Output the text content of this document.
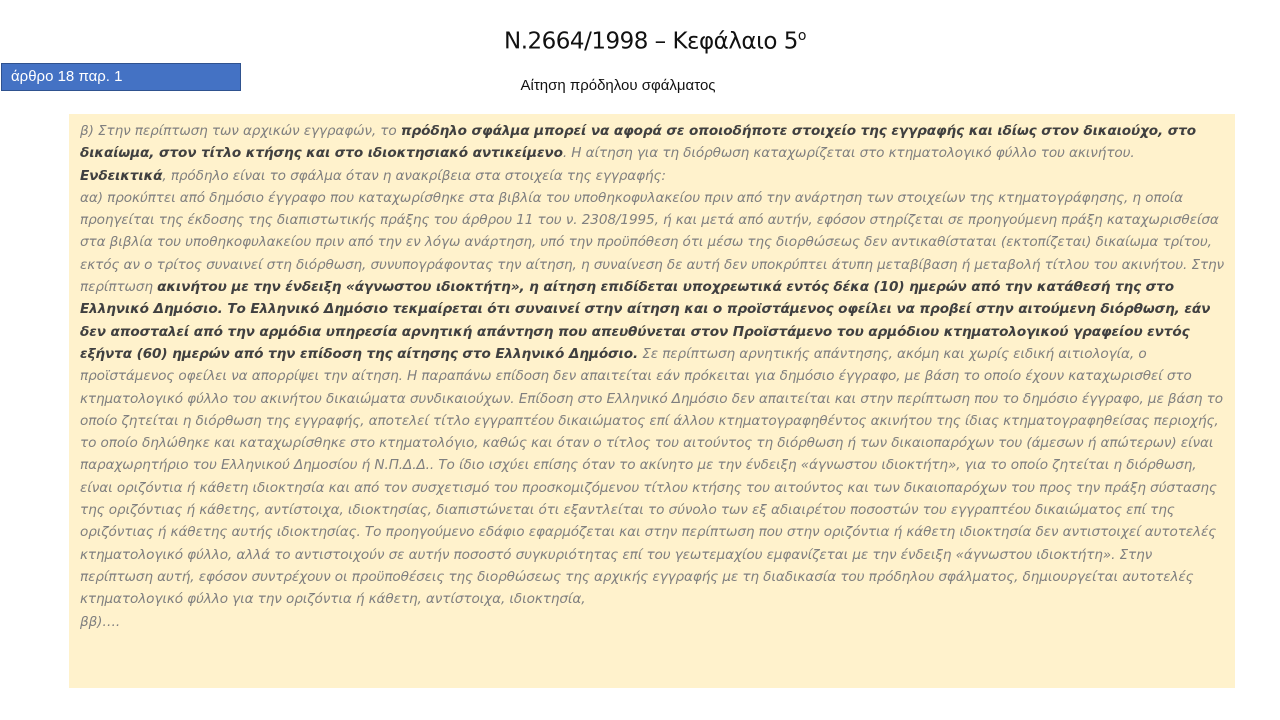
Ν.2664/1998 – Κεφάλαιο $5^o$
άρθρο 18 παρ. 1
Αίτηση πρόδηλου σφάλματος

β) Στην περίπτωση των αρχικών εγγραφών, το πρόδηλο σφάλμα μπορεί να αφορά σε οποιοδήποτε στοιχείο της εγγραφής και ιδίως στον δικαιούχο, στο δικαίωμα, στον τίτλο κτήσης και στο ιδιοκτησιακό αντικείμενο. Η αίτηση για τη διόρθωση καταχωρίζεται στο κτηματολογικό φύλλο του ακινήτου.

Ενδεικτικά, πρόδηλο είναι το σφάλμα όταν η ανακρίβεια στα στοιχεία της εγγραφής:

αα) προκύπτει από δημόσιο έγγραφο που καταχωρίσθηκε στα βιβλία του υποθηκοφυλακείου πριν από την ανάρτηση των στοιχείων της κτηματογράφησης, η οποία προηγείται της έκδοσης της διαπιστωτικής πράξης του άρθρου 11 του ν. 2308/1995, ή και μετά από αυτήν, εφόσον στηρίζεται σε προηγούμενη πράξη καταχωρισθείσα στα βιβλία του υποθηκοφυλακείου πριν από την εν λόγω ανάρτηση, υπό την προϋπόθεση ότι μέσω της διορθώσεως δεν αντικαθίσταται (εκτοπίζεται) δικαίωμα τρίτου, εκτός αν ο τρίτος συναινεί στη διόρθωση, συνυπογράφοντας την αίτηση, η συναίνεση δε αυτή δεν υποκρύπτει άτυπη μεταβίβαση ή μεταβολή τίτλου του ακινήτου. Στην περίπτωση ακινήτου με την ένδειξη «άγνωστου ιδιοκτήτη», η αίτηση επιδίδεται υποχρεωτικά εντός δέκα (10) ημερών από την κατάθεσή της στο Ελληνικό Δημόσιο. Το Ελληνικό Δημόσιο τεκμαίρεται ότι συναινεί στην αίτηση και ο προϊστάμενος οφείλει να προβεί στην αιτούμενη διόρθωση, εάν δεν αποσταλεί από την αρμόδια υπηρεσία αρνητική απάντηση που απευθύνεται στον Προϊστάμενο του αρμόδιου κτηματολογικού γραφείου εντός εξήντα (60) ημερών από την επίδοση της αίτησης στο Ελληνικό Δημόσιο. Σε περίπτωση αρνητικής απάντησης, ακόμη και χωρίς ειδική αιτιολογία, ο προϊστάμενος οφείλει να απορρίψει την αίτηση. Η παραπάνω επίδοση δεν απαιτείται εάν πρόκειται για δημόσιο έγγραφο, με βάση το οποίο έχουν καταχωρισθεί στο κτηματολογικό φύλλο του ακινήτου δικαιώματα συνδικαιούχων. Επίδοση στο Ελληνικό Δημόσιο δεν απαιτείται και στην περίπτωση που το δημόσιο έγγραφο, με βάση το οποίο ζητείται η διόρθωση της εγγραφής, αποτελεί τίτλο εγγραπτέου δικαιώματος επί άλλου κτηματογραφηθέντος ακινήτου της ίδιας κτηματογραφηθείσας περιοχής, το οποίο δηλώθηκε και καταχωρίσθηκε στο κτηματολόγιο, καθώς και όταν ο τίτλος του αιτούντος τη διόρθωση ή των δικαιοπαρόχων του (άμεσων ή απώτερων) είναι παραχωρητήριο του Ελληνικού Δημοσίου ή Ν.Π.Δ.Δ.. Το ίδιο ισχύει επίσης όταν το ακίνητο με την ένδειξη «άγνωστου ιδιοκτήτη», για το οποίο ζητείται η διόρθωση, είναι οριζόντια ή κάθετη ιδιοκτησία και από τον συσχετισμό του προσκομιζόμενου τίτλου κτήσης του αιτούντος και των δικαιοπαρόχων του προς την πράξη σύστασης της οριζόντιας ή κάθετης, αντίστοιχα, ιδιοκτησίας, διαπιστώνεται ότι εξαντλείται το σύνολο των εξ αδιαιρέτου ποσοστών του εγγραπτέου δικαιώματος επί της οριζόντιας ή κάθετης αυτής ιδιοκτησίας. Το προηγούμενο εδάφιο εφαρμόζεται και στην περίπτωση που στην οριζόντια ή κάθετη ιδιοκτησία δεν αντιστοιχεί αυτοτελές κτηματολογικό φύλλο, αλλά το αντιστοιχούν σε αυτήν ποσοστό συγκυριότητας επί του γεωτεμαχίου εμφανίζεται με την ένδειξη «άγνωστου ιδιοκτήτη». Στην περίπτωση αυτή, εφόσον συντρέχουν οι προϋποθέσεις της διορθώσεως της αρχικής εγγραφής με τη διαδικασία του πρόδηλου σφάλματος, δημιουργείται αυτοτελές κτηματολογικό φύλλο για την οριζόντια ή κάθετη, αντίστοιχα, ιδιοκτησία,

ββ)….
